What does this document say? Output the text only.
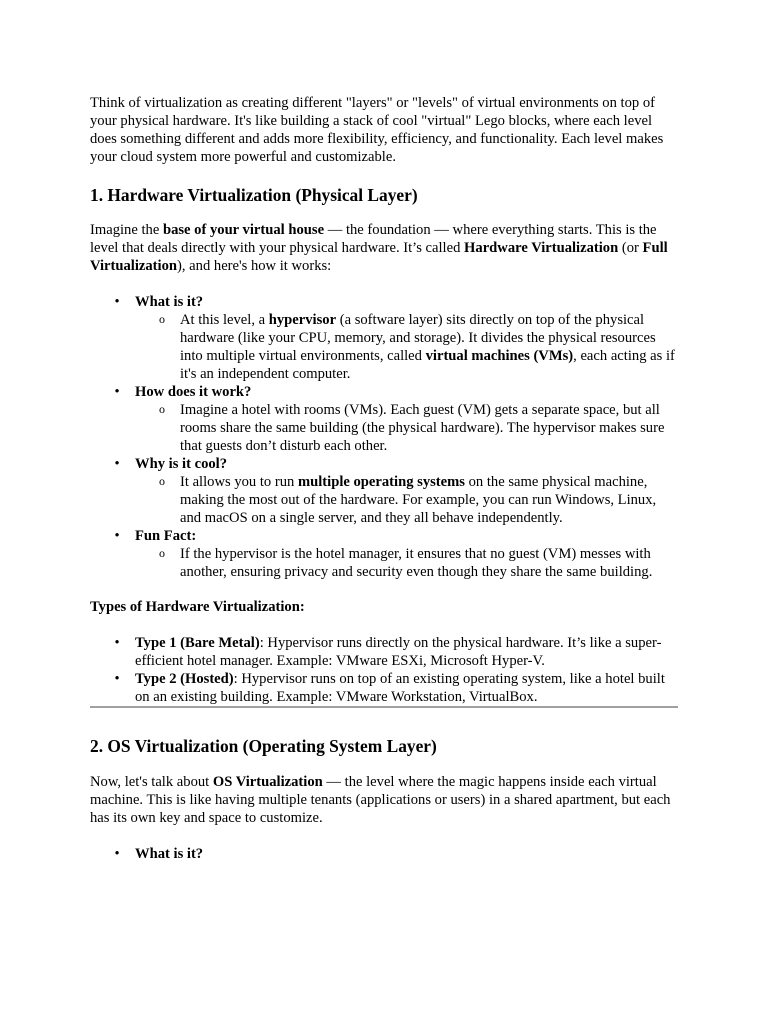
Think of virtualization as creating different "layers" or "levels" of virtual environments on top of your physical hardware. It's like building a stack of cool "virtual" Lego blocks, where each level does something different and adds more flexibility, efficiency, and functionality. Each level makes your cloud system more powerful and customizable.

1. Hardware Virtualization (Physical Layer)

Imagine the base of your virtual house — the foundation — where everything starts. This is the level that deals directly with your physical hardware. It’s called Hardware Virtualization (or Full Virtualization), and here's how it works:

• What is it?
o At this level, a hypervisor (a software layer) sits directly on top of the physical hardware (like your CPU, memory, and storage). It divides the physical resources into multiple virtual environments, called virtual machines (VMs), each acting as if it's an independent computer.
• How does it work?
o Imagine a hotel with rooms (VMs). Each guest (VM) gets a separate space, but all rooms share the same building (the physical hardware). The hypervisor makes sure that guests don’t disturb each other.
• Why is it cool?
o It allows you to run multiple operating systems on the same physical machine, making the most out of the hardware. For example, you can run Windows, Linux, and macOS on a single server, and they all behave independently.
• Fun Fact:
o If the hypervisor is the hotel manager, it ensures that no guest (VM) messes with another, ensuring privacy and security even though they share the same building.

Types of Hardware Virtualization:

• Type 1 (Bare Metal): Hypervisor runs directly on the physical hardware. It’s like a super-efficient hotel manager. Example: VMware ESXi, Microsoft Hyper-V.
• Type 2 (Hosted): Hypervisor runs on top of an existing operating system, like a hotel built on an existing building. Example: VMware Workstation, VirtualBox.
2. OS Virtualization (Operating System Layer)

Now, let's talk about OS Virtualization — the level where the magic happens inside each virtual machine. This is like having multiple tenants (applications or users) in a shared apartment, but each has its own key and space to customize.

• What is it?
